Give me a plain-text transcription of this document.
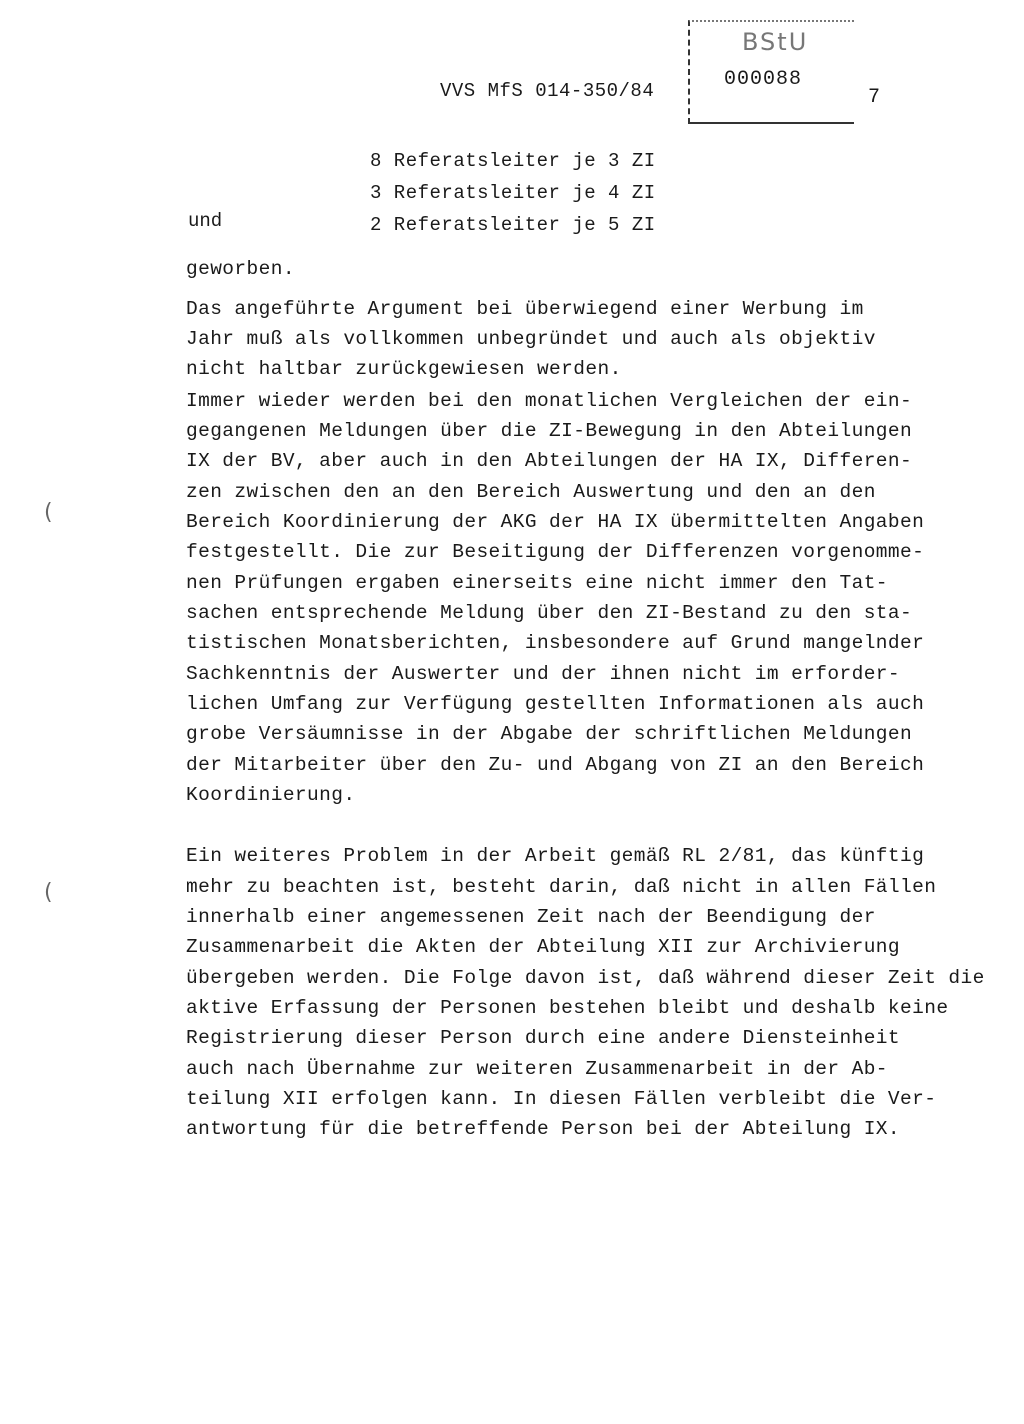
VVS MfS 014-350/84
BStU
000088
7
8 Referatsleiter je 3 ZI
3 Referatsleiter je 4 ZI
2 Referatsleiter je 5 ZI
und
geworben.
Das angeführte Argument bei überwiegend einer Werbung im
Jahr muß als vollkommen unbegründet und auch als objektiv
nicht haltbar zurückgewiesen werden.
Immer wieder werden bei den monatlichen Vergleichen der ein-
gegangenen Meldungen über die ZI-Bewegung in den Abteilungen
IX der BV, aber auch in den Abteilungen der HA IX, Differen-
zen zwischen den an den Bereich Auswertung und den an den
Bereich Koordinierung der AKG der HA IX übermittelten Angaben
festgestellt. Die zur Beseitigung der Differenzen vorgenomme-
nen Prüfungen ergaben einerseits eine nicht immer den Tat-
sachen entsprechende Meldung über den ZI-Bestand zu den sta-
tistischen Monatsberichten, insbesondere auf Grund mangelnder
Sachkenntnis der Auswerter und der ihnen nicht im erforder-
lichen Umfang zur Verfügung gestellten Informationen als auch
grobe Versäumnisse in der Abgabe der schriftlichen Meldungen
der Mitarbeiter über den Zu- und Abgang von ZI an den Bereich
Koordinierung.
Ein weiteres Problem in der Arbeit gemäß RL 2/81, das künftig
mehr zu beachten ist, besteht darin, daß nicht in allen Fällen
innerhalb einer angemessenen Zeit nach der Beendigung der
Zusammenarbeit die Akten der Abteilung XII zur Archivierung
übergeben werden. Die Folge davon ist, daß während dieser Zeit die
aktive Erfassung der Personen bestehen bleibt und deshalb keine
Registrierung dieser Person durch eine andere Diensteinheit
auch nach Übernahme zur weiteren Zusammenarbeit in der Ab-
teilung XII erfolgen kann. In diesen Fällen verbleibt die Ver-
antwortung für die betreffende Person bei der Abteilung IX.
(
(
